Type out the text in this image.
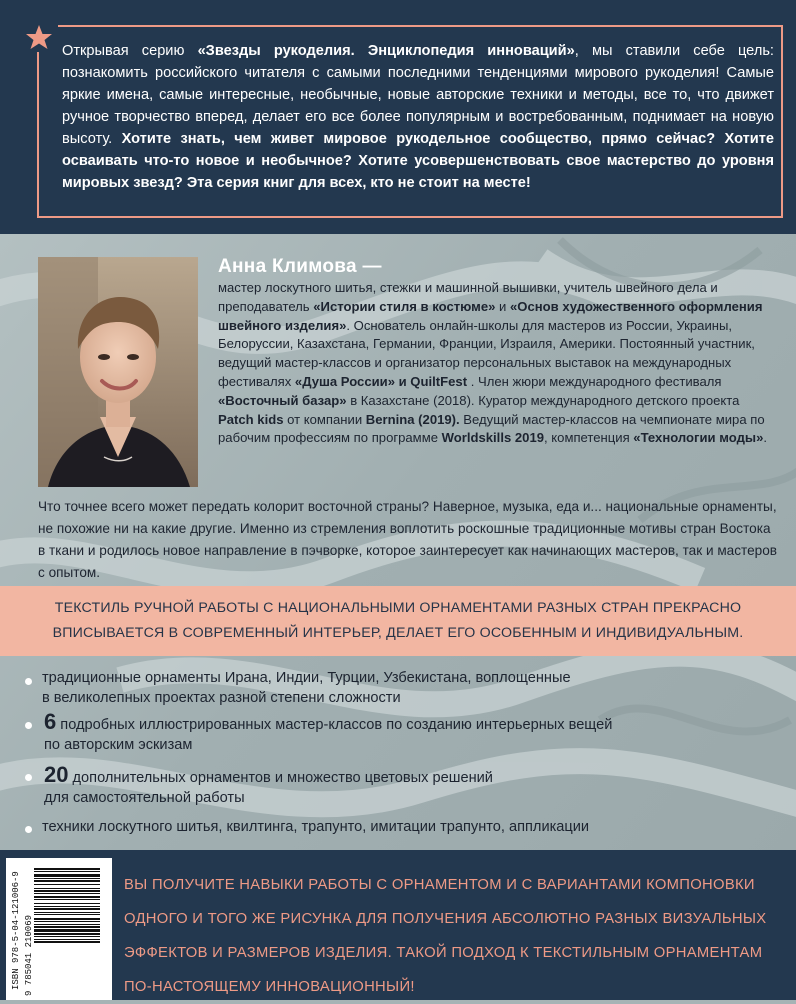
Открывая серию «Звезды рукоделия. Энциклопедия инноваций», мы ставили себе цель: познакомить российского читателя с самыми последними тенденциями мирового рукоделия! Самые яркие имена, самые интересные, необычные, новые авторские техники и методы, все то, что движет ручное творчество вперед, делает его все более популярным и востребованным, поднимает на новую высоту. Хотите знать, чем живет мировое рукодельное сообщество, прямо сейчас? Хотите осваивать что-то новое и необычное? Хотите усовершенствовать свое мастерство до уровня мировых звезд? Эта серия книг для всех, кто не стоит на месте!
Анна Климова —
мастер лоскутного шитья, стежки и машинной вышивки, учитель швейного дела и преподаватель «Истории стиля в костюме» и «Основ художественного оформления швейного изделия». Основатель онлайн-школы для мастеров из России, Украины, Белоруссии, Казахстана, Германии, Франции, Израиля, Америки. Постоянный участник, ведущий мастер-классов и организатор персональных выставок на международных фестивалях «Душа России» и QuiltFest . Член жюри международного фестиваля «Восточный базар» в Казахстане (2018). Куратор международного детского проекта Patch kids от компании Bernina (2019). Ведущий мастер-классов на чемпионате мира по рабочим профессиям по программе Worldskills 2019, компетенция «Технологии моды».
Что точнее всего может передать колорит восточной страны? Наверное, музыка, еда и... национальные орнаменты, не похожие ни на какие другие. Именно из стремления воплотить роскошные традиционные мотивы стран Востока в ткани и родилось новое направление в пэчворке, которое заинтересует как начинающих мастеров, так и мастеров с опытом.
ТЕКСТИЛЬ РУЧНОЙ РАБОТЫ С НАЦИОНАЛЬНЫМИ ОРНАМЕНТАМИ РАЗНЫХ СТРАН ПРЕКРАСНО
ВПИСЫВАЕТСЯ В СОВРЕМЕННЫЙ ИНТЕРЬЕР, ДЕЛАЕТ ЕГО ОСОБЕННЫМ И ИНДИВИДУАЛЬНЫМ.
традиционные орнаменты Ирана, Индии, Турции, Узбекистана, воплощенные
в великолепных проектах разной степени сложности
6 подробных иллюстрированных мастер-классов по созданию интерьерных вещей
по авторским эскизам
20 дополнительных орнаментов и множество цветовых решений
для самостоятельной работы
техники лоскутного шитья, квилтинга, трапунто, имитации трапунто, аппликации
ISBN 978-5-04-121006-9 9 785041 210069
ВЫ ПОЛУЧИТЕ НАВЫКИ РАБОТЫ С ОРНАМЕНТОМ И С ВАРИАНТАМИ КОМПОНОВКИ
ОДНОГО И ТОГО ЖЕ РИСУНКА ДЛЯ ПОЛУЧЕНИЯ АБСОЛЮТНО РАЗНЫХ ВИЗУАЛЬНЫХ
ЭФФЕКТОВ И РАЗМЕРОВ ИЗДЕЛИЯ. ТАКОЙ ПОДХОД К ТЕКСТИЛЬНЫМ ОРНАМЕНТАМ
ПО-НАСТОЯЩЕМУ ИННОВАЦИОННЫЙ!
